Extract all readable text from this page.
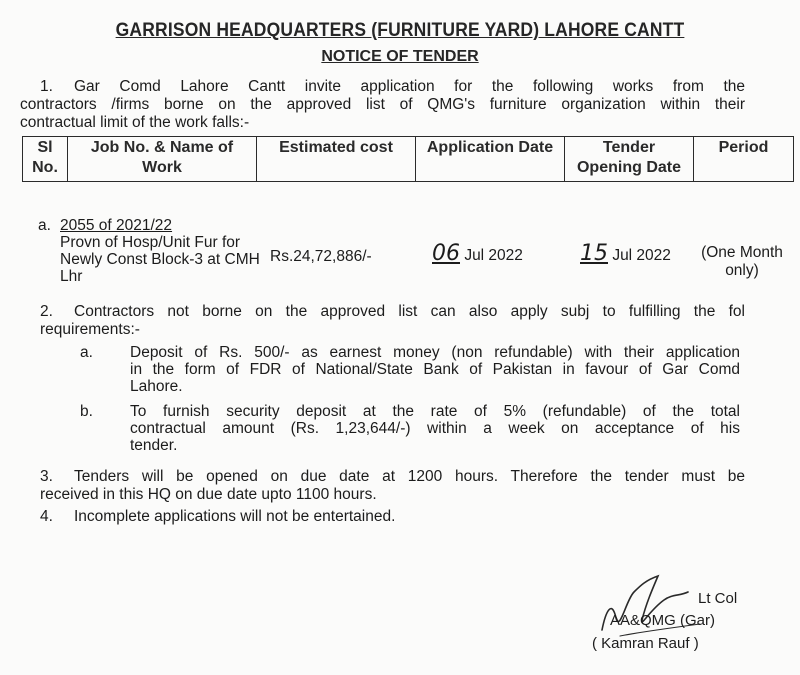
GARRISON HEADQUARTERS (FURNITURE YARD) LAHORE CANTT
NOTICE OF TENDER
1. Gar Comd Lahore Cantt invite application for the following works from the
contractors /firms borne on the approved list of QMG's furniture organization within their
contractual limit of the work falls:-
Sl No.	Job No. & Name of Work	Estimated cost	Application Date	Tender Opening Date	Period
a. 2055 of 2021/22
Provn of Hosp/Unit Fur for Newly Const Block-3 at CMH Lhr
Rs.24,72,886/-	06 Jul 2022	15 Jul 2022	(One Month only)
2. Contractors not borne on the approved list can also apply subj to fulfilling the fol
requirements:-
a. Deposit of Rs. 500/- as earnest money (non refundable) with their application
in the form of FDR of National/State Bank of Pakistan in favour of Gar Comd
Lahore.
b. To furnish security deposit at the rate of 5% (refundable) of the total
contractual amount (Rs. 1,23,644/-) within a week on acceptance of his
tender.
3. Tenders will be opened on due date at 1200 hours. Therefore the tender must be
received in this HQ on due date upto 1100 hours.
4. Incomplete applications will not be entertained.
Lt Col
AA&QMG (Gar)
( Kamran Rauf )
